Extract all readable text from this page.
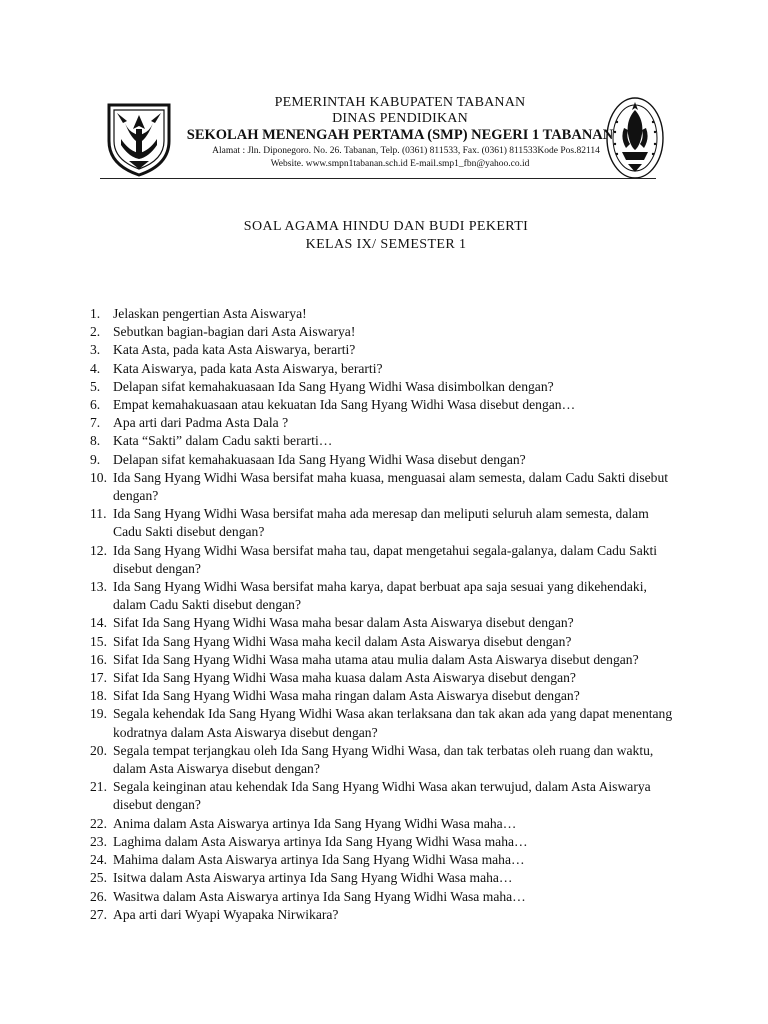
PEMERINTAH KABUPATEN TABANAN
DINAS PENDIDIKAN
SEKOLAH MENENGAH PERTAMA (SMP) NEGERI 1 TABANAN
Alamat : Jln. Diponegoro. No. 26. Tabanan, Telp. (0361) 811533, Fax. (0361) 811533Kode Pos.82114
Website. www.smpn1tabanan.sch.id E-mail.smp1_fbn@yahoo.co.id
SOAL AGAMA HINDU DAN BUDI PEKERTI
KELAS IX/ SEMESTER 1
1. Jelaskan pengertian Asta Aiswarya!
2. Sebutkan bagian-bagian dari Asta Aiswarya!
3. Kata Asta, pada kata Asta Aiswarya, berarti?
4. Kata Aiswarya, pada kata Asta Aiswarya, berarti?
5. Delapan sifat kemahakuasaan Ida Sang Hyang Widhi Wasa disimbolkan dengan?
6. Empat kemahakuasaan atau kekuatan Ida Sang Hyang Widhi Wasa disebut dengan…
7. Apa arti dari Padma Asta Dala ?
8. Kata “Sakti” dalam Cadu sakti berarti…
9. Delapan sifat kemahakuasaan Ida Sang Hyang Widhi Wasa disebut dengan?
10. Ida Sang Hyang Widhi Wasa bersifat maha kuasa, menguasai alam semesta, dalam Cadu Sakti disebut dengan?
11. Ida Sang Hyang Widhi Wasa bersifat maha ada meresap dan meliputi seluruh alam semesta, dalam Cadu Sakti disebut dengan?
12. Ida Sang Hyang Widhi Wasa bersifat maha tau, dapat mengetahui segala-galanya, dalam Cadu Sakti disebut dengan?
13. Ida Sang Hyang Widhi Wasa bersifat maha karya, dapat berbuat apa saja sesuai yang dikehendaki, dalam Cadu Sakti disebut dengan?
14. Sifat Ida Sang Hyang Widhi Wasa maha besar dalam Asta Aiswarya disebut dengan?
15. Sifat Ida Sang Hyang Widhi Wasa maha kecil dalam Asta Aiswarya disebut dengan?
16. Sifat Ida Sang Hyang Widhi Wasa maha utama atau mulia dalam Asta Aiswarya disebut dengan?
17. Sifat Ida Sang Hyang Widhi Wasa maha kuasa dalam Asta Aiswarya disebut dengan?
18. Sifat Ida Sang Hyang Widhi Wasa maha ringan dalam Asta Aiswarya disebut dengan?
19. Segala kehendak Ida Sang Hyang Widhi Wasa akan terlaksana dan tak akan ada yang dapat menentang kodratnya dalam Asta Aiswarya disebut dengan?
20. Segala tempat terjangkau oleh Ida Sang Hyang Widhi Wasa, dan tak terbatas oleh ruang dan waktu, dalam Asta Aiswarya disebut dengan?
21. Segala keinginan atau kehendak Ida Sang Hyang Widhi Wasa akan terwujud, dalam Asta Aiswarya disebut dengan?
22. Anima dalam Asta Aiswarya artinya Ida Sang Hyang Widhi Wasa maha…
23. Laghima dalam Asta Aiswarya artinya Ida Sang Hyang Widhi Wasa maha…
24. Mahima dalam Asta Aiswarya artinya Ida Sang Hyang Widhi Wasa maha…
25. Isitwa dalam Asta Aiswarya artinya Ida Sang Hyang Widhi Wasa maha…
26. Wasitwa dalam Asta Aiswarya artinya Ida Sang Hyang Widhi Wasa maha…
27. Apa arti dari Wyapi Wyapaka Nirwikara?
